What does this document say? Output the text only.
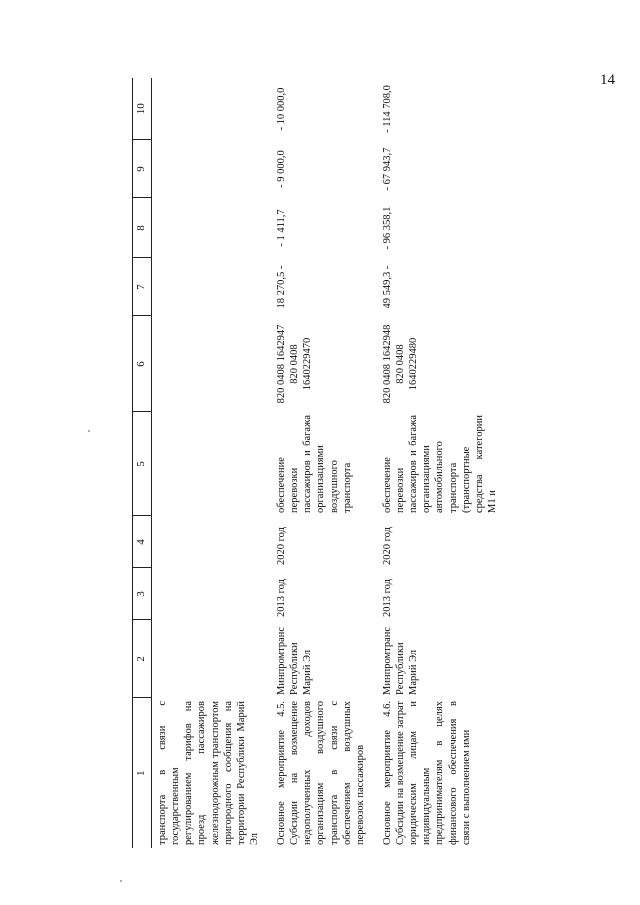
14
1	2	3	4	5	6	7	8	9	10
транспорта в связи с государственным регулированием тарифов на проезд пассажиров железнодорожным транспортом пригородного сообщения на территории Республики Марий Эл									
Основное мероприятие 4.5. Субсидии на возмещение недополученных доходов организациям воздушного транспорта в связи с обеспечением воздушных перевозок пассажиров	Минпромтранс Республики Марий Эл	2013 год	2020 год	обеспечение перевозки пассажиров и багажа организациями воздушного транспорта	820 0408 1642947 820 0408 1640229470	18 270,5 -	- 1 411,7	- 9 000,0	- 10 000,0
Основное мероприятие 4.6. Субсидии на возмещение затрат юридическим лицам и индивидуальным предпринимателям в целях финансового обеспечения в связи с выполнением ими	Минпромтранс Республики Марий Эл	2013 год	2020 год	обеспечение перевозки пассажиров и багажа организациями автомобильного транспорта (транспортные средства категории М1 и	820 0408 1642948 820 0408 1640229480	49 549,3 -	- 96 358,1	- 67 943,7	- 114 708,0
